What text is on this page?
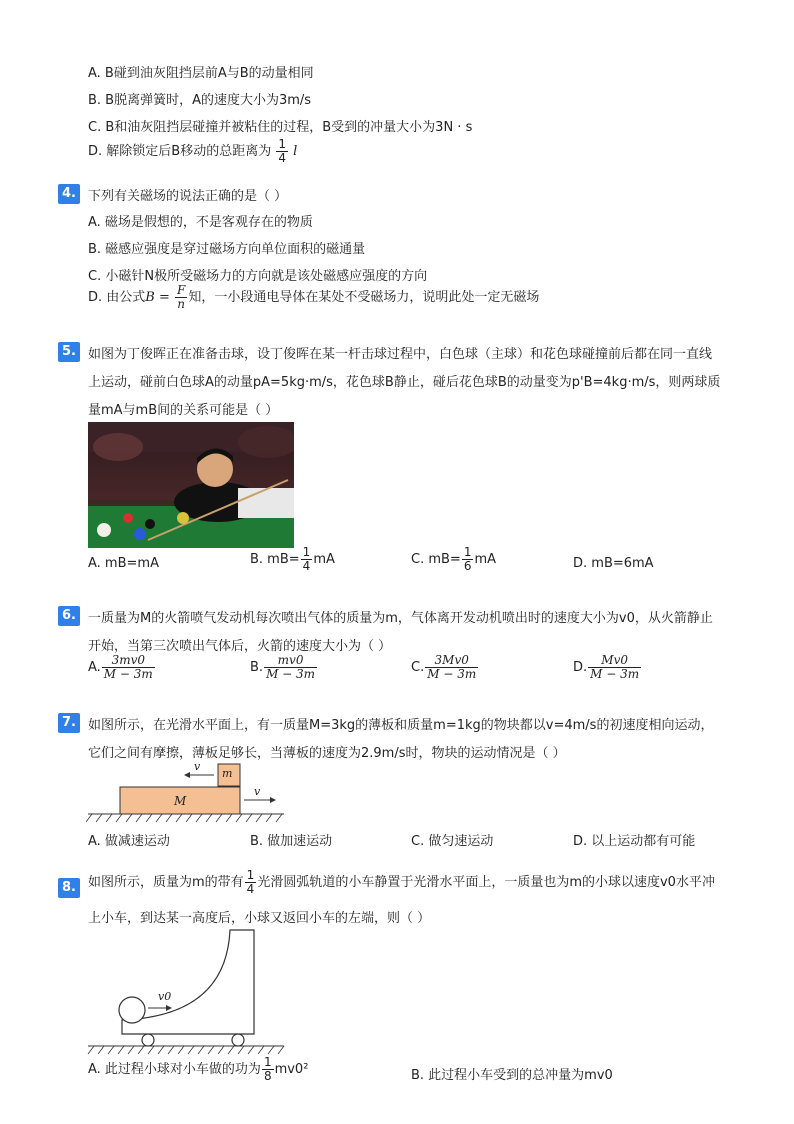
A. B碰到油灰阻挡层前A与B的动量相同
B. B脱离弹簧时，A的速度大小为3m/s
C. B和油灰阻挡层碰撞并被粘住的过程，B受到的冲量大小为3N · s
D. 解除锁定后B移动的总距离为 $\frac{1}{4}$ l
4. 下列有关磁场的说法正确的是（ ）
A. 磁场是假想的，不是客观存在的物质
B. 磁感应强度是穿过磁场方向单位面积的磁通量
C. 小磁针N极所受磁场力的方向就是该处磁感应强度的方向
D. 由公式$B = \frac{F}{n}$ 知，一小段通电导体在某处不受磁场力，说明此处一定无磁场
5. 如图为丁俊晖正在准备击球，设丁俊晖在某一杆击球过程中，白色球（主球）和花色球碰撞前后都在同一直线
上运动，碰前白色球A的动量pA=5kg·m/s，花色球B静止，碰后花色球B的动量变为p'B=4kg·m/s，则两球质
量mA与mB间的关系可能是（ ）
A. mB=mA	B. $mB= \frac{1}{4}$ mA	C. $mB= \frac{1}{6}$ mA	D. mB=6mA
6. 一质量为M的火箭喷气发动机每次喷出气体的质量为m，气体离开发动机喷出时的速度大小为v0，从火箭静止
开始，当第三次喷出气体后，火箭的速度大小为（ ）
A. $\frac{3mv0}{M - 3m}$	B. $\frac{mv0}{M - 3m}$	C. $\frac{3Mv0}{M - 3m}$	D. $\frac{Mv0}{M - 3m}$
7. 如图所示，在光滑水平面上，有一质量M=3kg的薄板和质量m=1kg的物块都以v=4m/s的初速度相向运动，
它们之间有摩擦，薄板足够长，当薄板的速度为2.9m/s时，物块的运动情况是（ ）
m
M
v
v
A. 做减速运动	B. 做加速运动	C. 做匀速运动	D. 以上运动都有可能
8. 如图所示，质量为m的带有 $\frac{1}{4}$ 光滑圆弧轨道的小车静置于光滑水平面上，一质量也为m的小球以速度v0水平冲
上小车，到达某一高度后，小球又返回小车的左端，则（ ）
v0
A. 此过程小球对小车做的功为 $\frac{1}{8} mv0^2$	B. 此过程小车受到的总冲量为mv0
